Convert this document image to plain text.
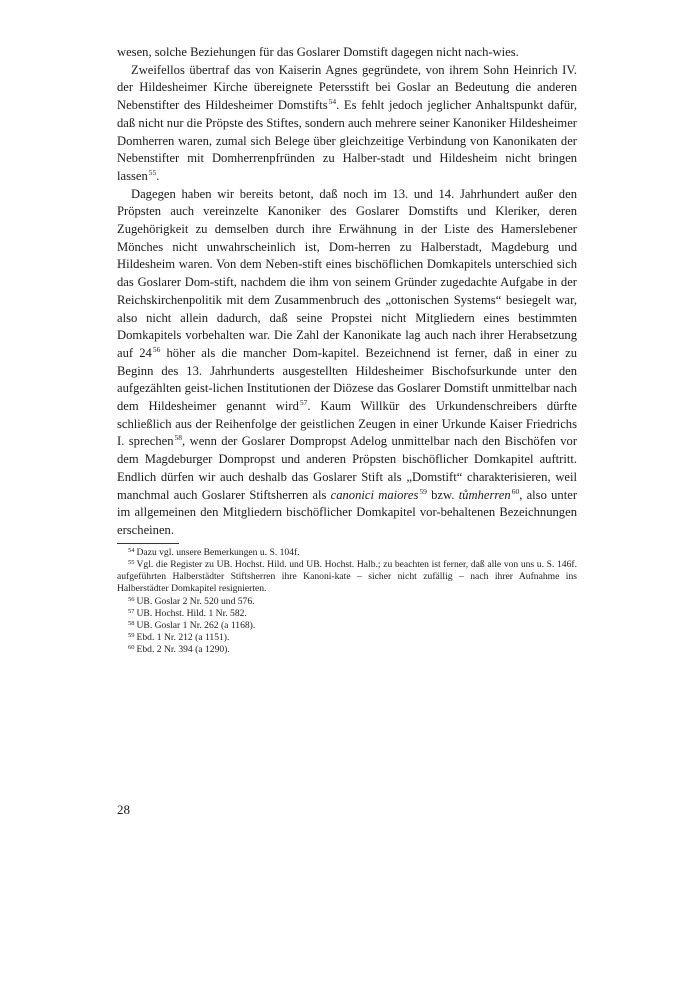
wesen, solche Beziehungen für das Goslarer Domstift dagegen nicht nach-wies.

Zweifellos übertraf das von Kaiserin Agnes gegründete, von ihrem Sohn Heinrich IV. der Hildesheimer Kirche übereignete Petersstift bei Goslar an Bedeutung die anderen Nebenstifter des Hildesheimer Domstifts$^{54}$. Es fehlt jedoch jeglicher Anhaltspunkt dafür, daß nicht nur die Pröpste des Stiftes, sondern auch mehrere seiner Kanoniker Hildesheimer Domherren waren, zumal sich Belege über gleichzeitige Verbindung von Kanonikaten der Nebenstifter mit Domherrenpfründen zu Halber-stadt und Hildesheim nicht bringen lassen$^{55}$.

Dagegen haben wir bereits betont, daß noch im 13. und 14. Jahrhundert außer den Pröpsten auch vereinzelte Kanoniker des Goslarer Domstifts und Kleriker, deren Zugehörigkeit zu demselben durch ihre Erwähnung in der Liste des Hamerslebener Mönches nicht unwahrscheinlich ist, Dom-herren zu Halberstadt, Magdeburg und Hildesheim waren. Von dem Neben-stift eines bischöflichen Domkapitels unterschied sich das Goslarer Dom-stift, nachdem die ihm von seinem Gründer zugedachte Aufgabe in der Reichskirchenpolitik mit dem Zusammenbruch des „ottonischen Systems“ besiegelt war, also nicht allein dadurch, daß seine Propstei nicht Mitgliedern eines bestimmten Domkapitels vorbehalten war. Die Zahl der Kanonikate lag auch nach ihrer Herabsetzung auf $24^{56}$ höher als die mancher Dom-kapitel. Bezeichnend ist ferner, daß in einer zu Beginn des 13. Jahrhunderts ausgestellten Hildesheimer Bischofsurkunde unter den aufgezählten geist-lichen Institutionen der Diözese das Goslarer Domstift unmittelbar nach dem Hildesheimer genannt wird$^{57}$. Kaum Willkür des Urkundenschreibers dürfte schließlich aus der Reihenfolge der geistlichen Zeugen in einer Urkunde Kaiser Friedrichs I. sprechen$^{58}$, wenn der Goslarer Dompropst Adelog unmittelbar nach den Bischöfen vor dem Magdeburger Dompropst und anderen Pröpsten bischöflicher Domkapitel auftritt. Endlich dürfen wir auch deshalb das Goslarer Stift als „Domstift“ charakterisieren, weil manchmal auch Goslarer Stiftsherren als canonici maiores$^{59}$ bzw. tůmherren$^{60}$, also unter im allgemeinen den Mitgliedern bischöflicher Domkapitel vor-behaltenen Bezeichnungen erscheinen.

$^{54}$ Dazu vgl. unsere Bemerkungen u. S. 104f.

$^{55}$ Vgl. die Register zu UB. Hochst. Hild. und UB. Hochst. Halb.; zu beachten ist ferner, daß alle von uns u. S. 146f. aufgeführten Halberstädter Stiftsherren ihre Kanoni-kate – sicher nicht zufällig – nach ihrer Aufnahme ins Halberstädter Domkapitel resignierten.

$^{56}$ UB. Goslar 2 Nr. 520 und 576.

$^{57}$ UB. Hochst. Hild. 1 Nr. 582.

$^{58}$ UB. Goslar 1 Nr. 262 (a 1168).

$^{59}$ Ebd. 1 Nr. 212 (a 1151).

$^{60}$ Ebd. 2 Nr. 394 (a 1290).

28
